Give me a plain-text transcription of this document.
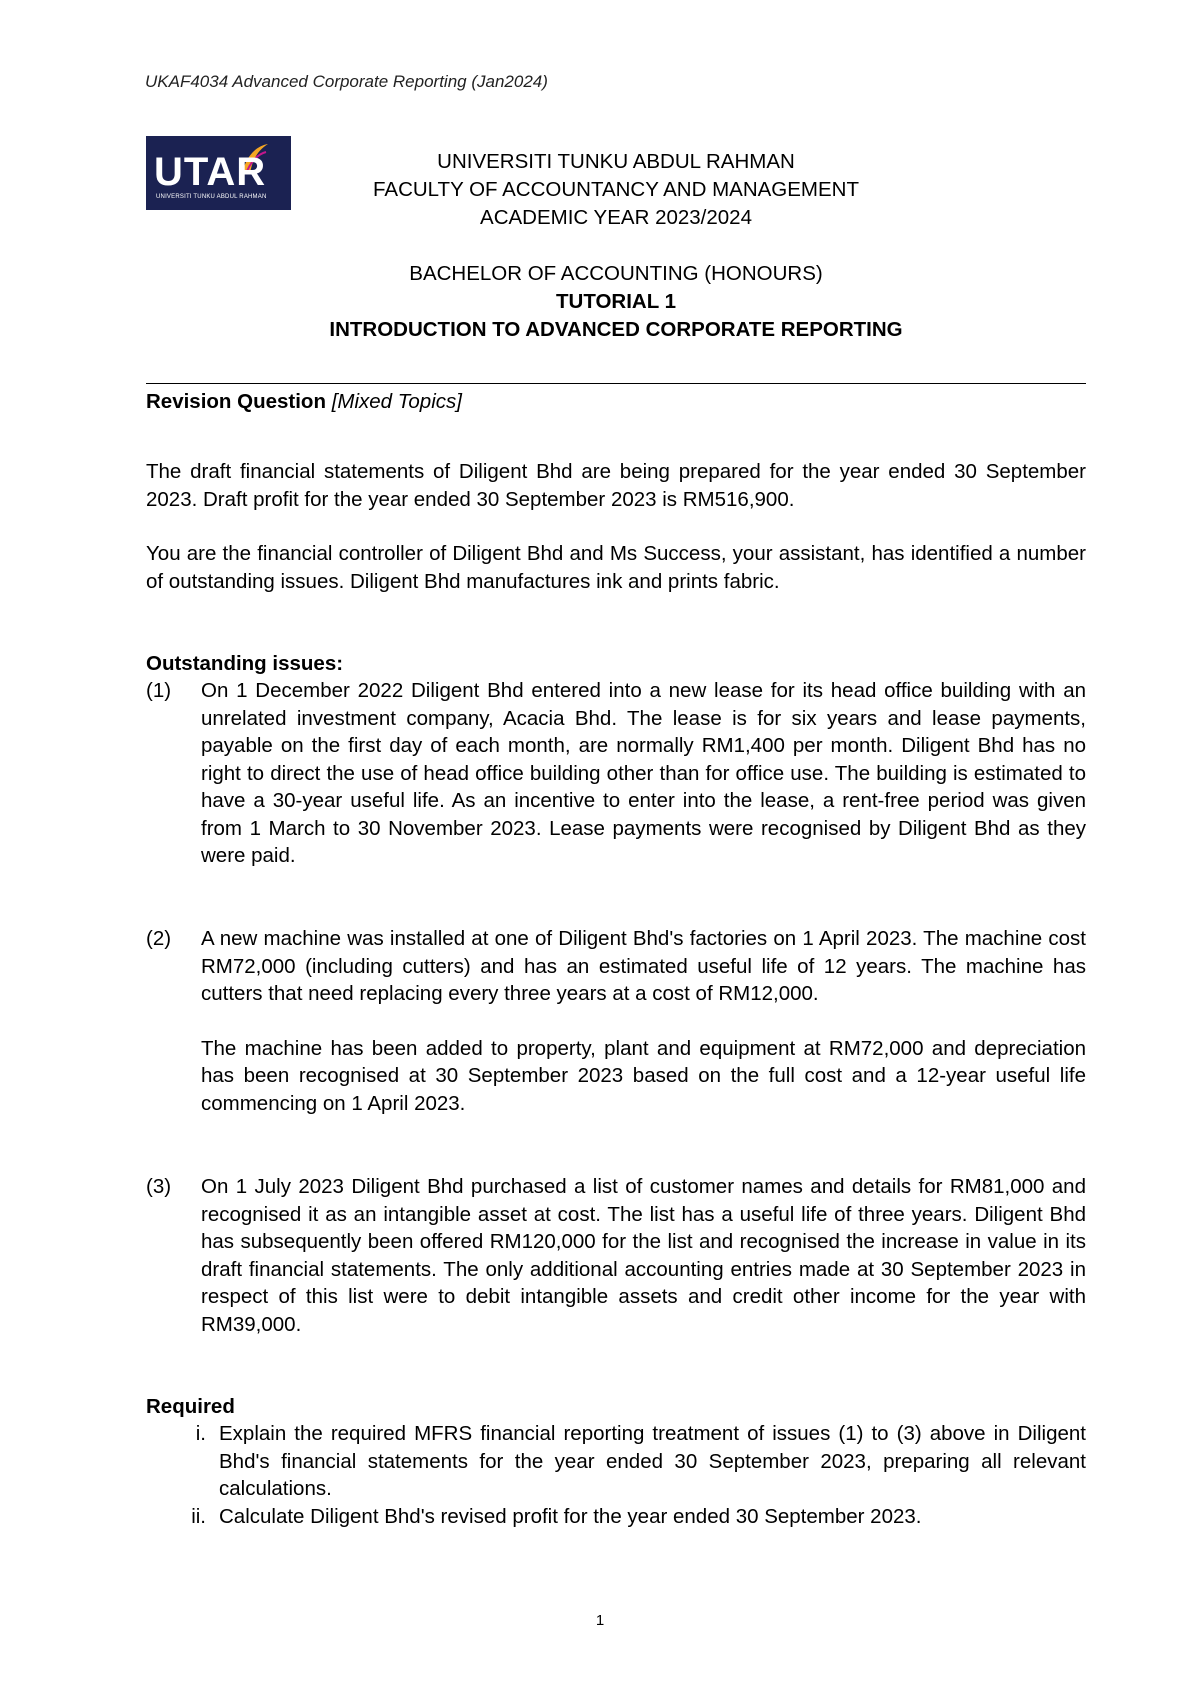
UKAF4034 Advanced Corporate Reporting (Jan2024)
UTAR
UNIVERSITI TUNKU ABDUL RAHMAN
UNIVERSITI TUNKU ABDUL RAHMAN
FACULTY OF ACCOUNTANCY AND MANAGEMENT
ACADEMIC YEAR 2023/2024
BACHELOR OF ACCOUNTING (HONOURS)
TUTORIAL 1
INTRODUCTION TO ADVANCED CORPORATE REPORTING
Revision Question [Mixed Topics]
The draft financial statements of Diligent Bhd are being prepared for the year ended 30 September 2023. Draft profit for the year ended 30 September 2023 is RM516,900.
You are the financial controller of Diligent Bhd and Ms Success, your assistant, has identified a number of outstanding issues. Diligent Bhd manufactures ink and prints fabric.
Outstanding issues:
(1) On 1 December 2022 Diligent Bhd entered into a new lease for its head office building with an unrelated investment company, Acacia Bhd. The lease is for six years and lease payments, payable on the first day of each month, are normally RM1,400 per month. Diligent Bhd has no right to direct the use of head office building other than for office use. The building is estimated to have a 30-year useful life. As an incentive to enter into the lease, a rent-free period was given from 1 March to 30 November 2023. Lease payments were recognised by Diligent Bhd as they were paid.

(2) A new machine was installed at one of Diligent Bhd's factories on 1 April 2023. The machine cost RM72,000 (including cutters) and has an estimated useful life of 12 years. The machine has cutters that need replacing every three years at a cost of RM12,000.

The machine has been added to property, plant and equipment at RM72,000 and depreciation has been recognised at 30 September 2023 based on the full cost and a 12-year useful life commencing on 1 April 2023.

(3) On 1 July 2023 Diligent Bhd purchased a list of customer names and details for RM81,000 and recognised it as an intangible asset at cost. The list has a useful life of three years. Diligent Bhd has subsequently been offered RM120,000 for the list and recognised the increase in value in its draft financial statements. The only additional accounting entries made at 30 September 2023 in respect of this list were to debit intangible assets and credit other income for the year with RM39,000.

Required
i. Explain the required MFRS financial reporting treatment of issues (1) to (3) above in Diligent Bhd's financial statements for the year ended 30 September 2023, preparing all relevant calculations.
ii. Calculate Diligent Bhd's revised profit for the year ended 30 September 2023.
1
